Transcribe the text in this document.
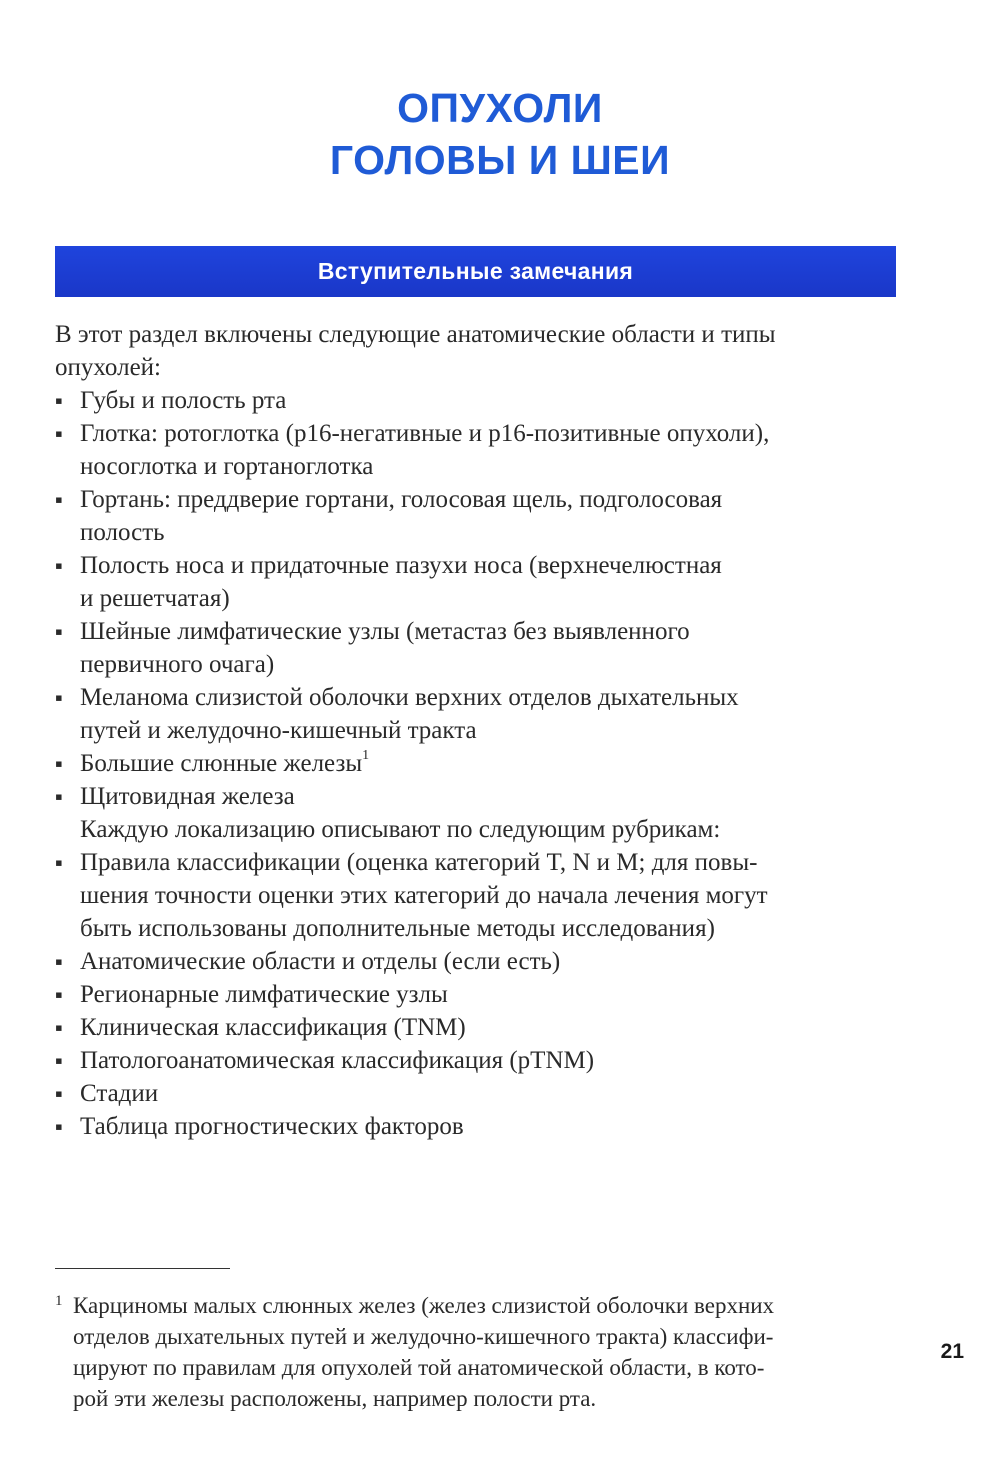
ОПУХОЛИ
ГОЛОВЫ И ШЕИ
Вступительные замечания
В этот раздел включены следующие анатомические области и типы
опухолей:
▪ Губы и полость рта
▪ Глотка: ротоглотка (p16-негативные и p16-позитивные опухоли),
носоглотка и гортаноглотка
▪ Гортань: преддверие гортани, голосовая щель, подголосовая
полость
▪ Полость носа и придаточные пазухи носа (верхнечелюстная
и решетчатая)
▪ Шейные лимфатические узлы (метастаз без выявленного
первичного очага)
▪ Меланома слизистой оболочки верхних отделов дыхательных
путей и желудочно-кишечный тракта
▪ Большие слюнные железы$^1$
▪ Щитовидная железа
Каждую локализацию описывают по следующим рубрикам:
▪ Правила классификации (оценка категорий T, N и M; для повы-
шения точности оценки этих категорий до начала лечения могут
быть использованы дополнительные методы исследования)
▪ Анатомические области и отделы (если есть)
▪ Регионарные лимфатические узлы
▪ Клиническая классификация (TNM)
▪ Патологоанатомическая классификация (pTNM)
▪ Стадии
▪ Таблица прогностических факторов
1 Карциномы малых слюнных желез (желез слизистой оболочки верхних
отделов дыхательных путей и желудочно-кишечного тракта) классифи-
цируют по правилам для опухолей той анатомической области, в кото-
рой эти железы расположены, например полости рта.
21
